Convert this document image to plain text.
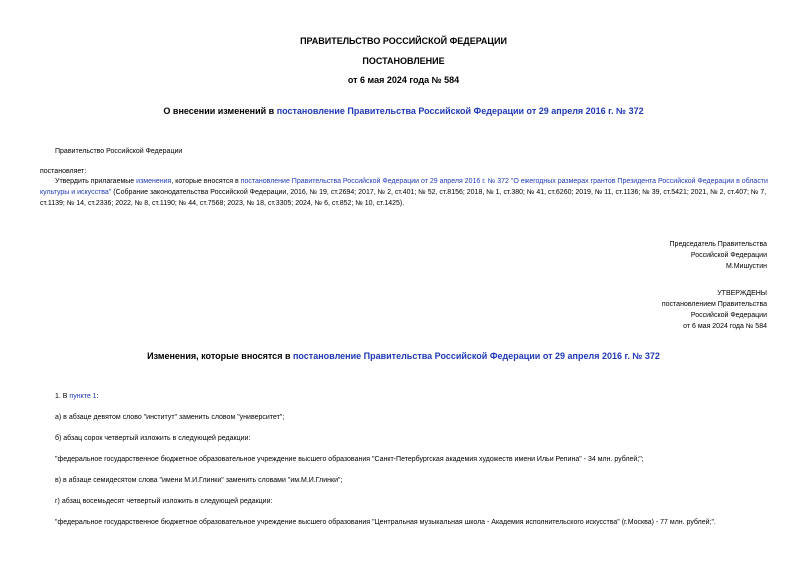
ПРАВИТЕЛЬСТВО РОССИЙСКОЙ ФЕДЕРАЦИИ
ПОСТАНОВЛЕНИЕ
от 6 мая 2024 года № 584
О внесении изменений в постановление Правительства Российской Федерации от 29 апреля 2016 г. № 372
Правительство Российской Федерации
постановляет:
Утвердить прилагаемые изменения, которые вносятся в постановление Правительства Российской Федерации от 29 апреля 2016 г. № 372 "О ежегодных размерах грантов Президента Российской Федерации в области культуры и искусства" (Собрание законодательства Российской Федерации, 2016, № 19, ст.2694; 2017, № 2, ст.401; № 52, ст.8156; 2018, № 1, ст.380; № 41, ст.6260; 2019, № 11, ст.1136; № 39, ст.5421; 2021, № 2, ст.407; № 7, ст.1139; № 14, ст.2336; 2022, № 8, ст.1190; № 44, ст.7568; 2023, № 18, ст.3305; 2024, № 6, ст.852; № 10, ст.1425).
Председатель Правительства
Российской Федерации
М.Мишустин
УТВЕРЖДЕНЫ
постановлением Правительства
Российской Федерации
от 6 мая 2024 года № 584
Изменения, которые вносятся в постановление Правительства Российской Федерации от 29 апреля 2016 г. № 372
1. В пункте 1:
а) в абзаце девятом слово "институт" заменить словом "университет";
б) абзац сорок четвертый изложить в следующей редакции:
"федеральное государственное бюджетное образовательное учреждение высшего образования "Санкт-Петербургская академия художеств имени Ильи Репина" - 34 млн. рублей;";
в) в абзаце семидесятом слова "имени М.И.Глинки" заменить словами "им.М.И.Глинки";
г) абзац восемьдесят четвертый изложить в следующей редакции:
"федеральное государственное бюджетное образовательное учреждение высшего образования "Центральная музыкальная школа - Академия исполнительского искусства" (г.Москва) - 77 млн. рублей;".
